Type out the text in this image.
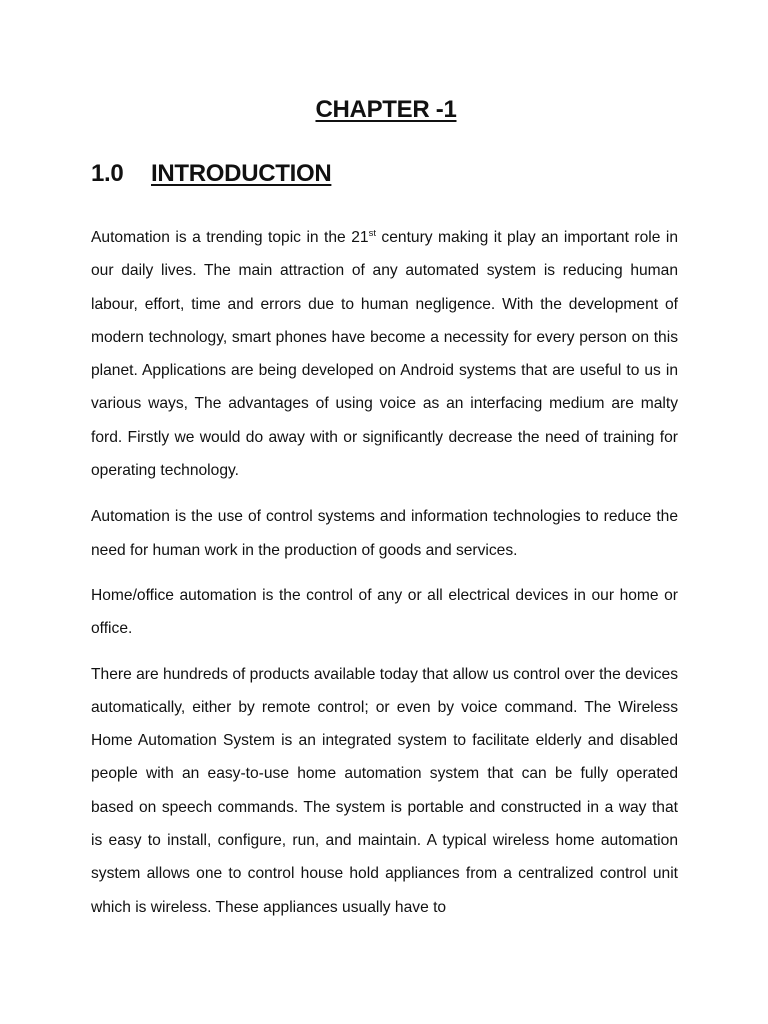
CHAPTER -1
1.0 INTRODUCTION

Automation is a trending topic in the 21st century making it play an important role in our daily lives. The main attraction of any automated system is reducing human labour, effort, time and errors due to human negligence. With the development of modern technology, smart phones have become a necessity for every person on this planet. Applications are being developed on Android systems that are useful to us in various ways, The advantages of using voice as an interfacing medium are malty ford. Firstly we would do away with or significantly decrease the need of training for operating technology.

Automation is the use of control systems and information technologies to reduce the need for human work in the production of goods and services.

Home/office automation is the control of any or all electrical devices in our home or office.

There are hundreds of products available today that allow us control over the devices automatically, either by remote control; or even by voice command. The Wireless Home Automation System is an integrated system to facilitate elderly and disabled people with an easy-to-use home automation system that can be fully operated based on speech commands. The system is portable and constructed in a way that is easy to install, configure, run, and maintain. A typical wireless home automation system allows one to control house hold appliances from a centralized control unit which is wireless. These appliances usually have to
